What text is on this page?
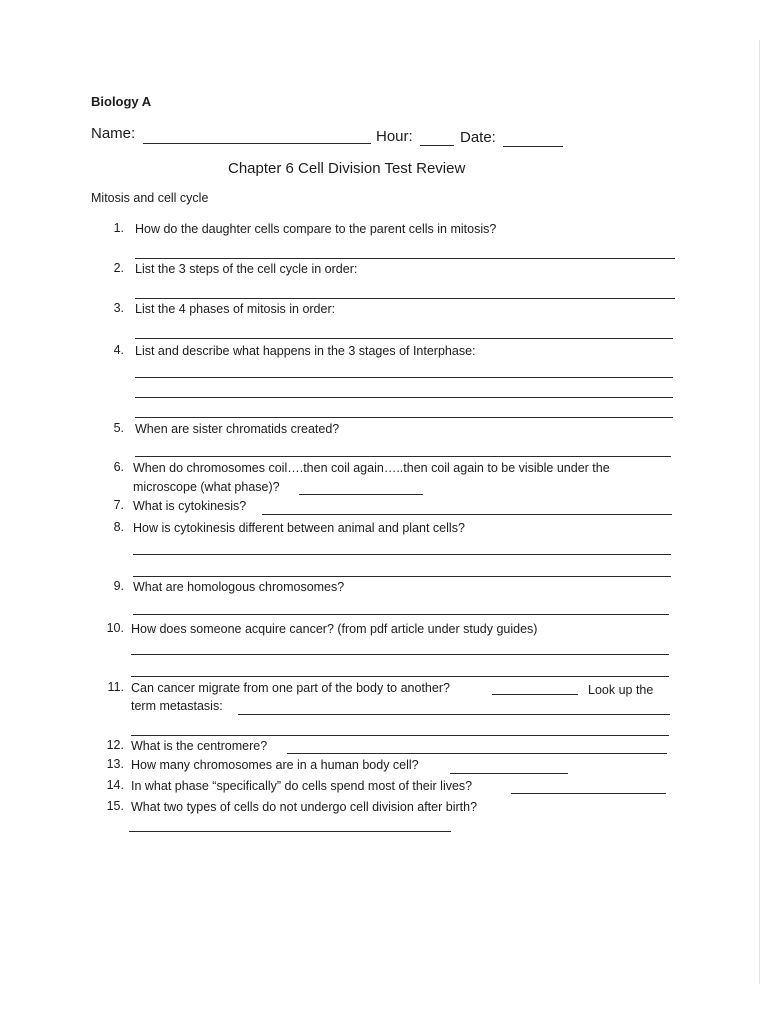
Biology A
Name:	Hour:	Date:
Chapter 6 Cell Division Test Review
Mitosis and cell cycle
1. How do the daughter cells compare to the parent cells in mitosis?
2. List the 3 steps of the cell cycle in order:
3. List the 4 phases of mitosis in order:
4. List and describe what happens in the 3 stages of Interphase:
5. When are sister chromatids created?
6. When do chromosomes coil….then coil again…..then coil again to be visible under the
microscope (what phase)?
7. What is cytokinesis?
8. How is cytokinesis different between animal and plant cells?
9. What are homologous chromosomes?
10. How does someone acquire cancer? (from pdf article under study guides)
11. Can cancer migrate from one part of the body to another?	Look up the
term metastasis:
12. What is the centromere?
13. How many chromosomes are in a human body cell?
14. In what phase “specifically” do cells spend most of their lives?
15. What two types of cells do not undergo cell division after birth?
